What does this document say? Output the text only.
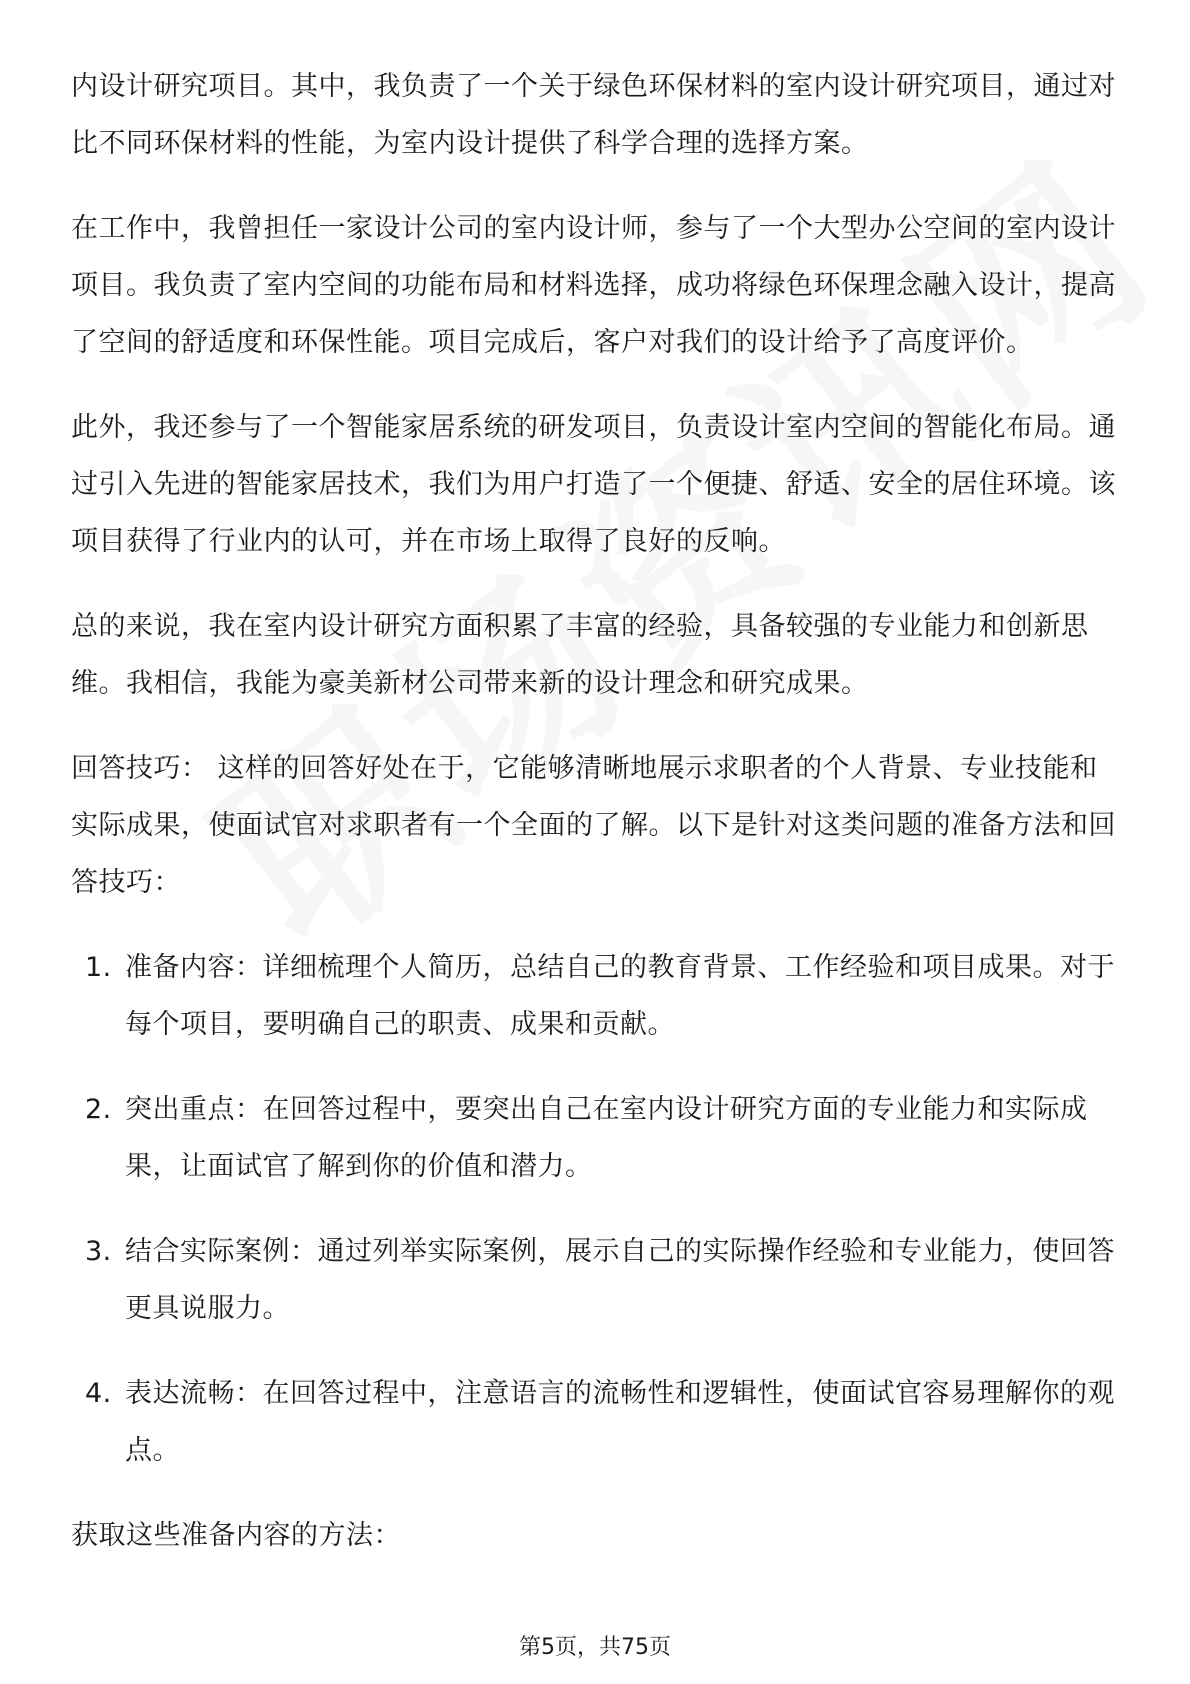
内设计研究项目。其中，我负责了一个关于绿色环保材料的室内设计研究项目，通过对比不同环保材料的性能，为室内设计提供了科学合理的选择方案。

在工作中，我曾担任一家设计公司的室内设计师，参与了一个大型办公空间的室内设计项目。我负责了室内空间的功能布局和材料选择，成功将绿色环保理念融入设计，提高了空间的舒适度和环保性能。项目完成后，客户对我们的设计给予了高度评价。

此外，我还参与了一个智能家居系统的研发项目，负责设计室内空间的智能化布局。通过引入先进的智能家居技术，我们为用户打造了一个便捷、舒适、安全的居住环境。该项目获得了行业内的认可，并在市场上取得了良好的反响。

总的来说，我在室内设计研究方面积累了丰富的经验，具备较强的专业能力和创新思维。我相信，我能为豪美新材公司带来新的设计理念和研究成果。

回答技巧： 这样的回答好处在于，它能够清晰地展示求职者的个人背景、专业技能和实际成果，使面试官对求职者有一个全面的了解。以下是针对这类问题的准备方法和回答技巧：

1. 准备内容：详细梳理个人简历，总结自己的教育背景、工作经验和项目成果。对于每个项目，要明确自己的职责、成果和贡献。
2. 突出重点：在回答过程中，要突出自己在室内设计研究方面的专业能力和实际成果，让面试官了解到你的价值和潜力。
3. 结合实际案例：通过列举实际案例，展示自己的实际操作经验和专业能力，使回答更具说服力。
4. 表达流畅：在回答过程中，注意语言的流畅性和逻辑性，使面试官容易理解你的观点。

获取这些准备内容的方法：

第5页，共75页
